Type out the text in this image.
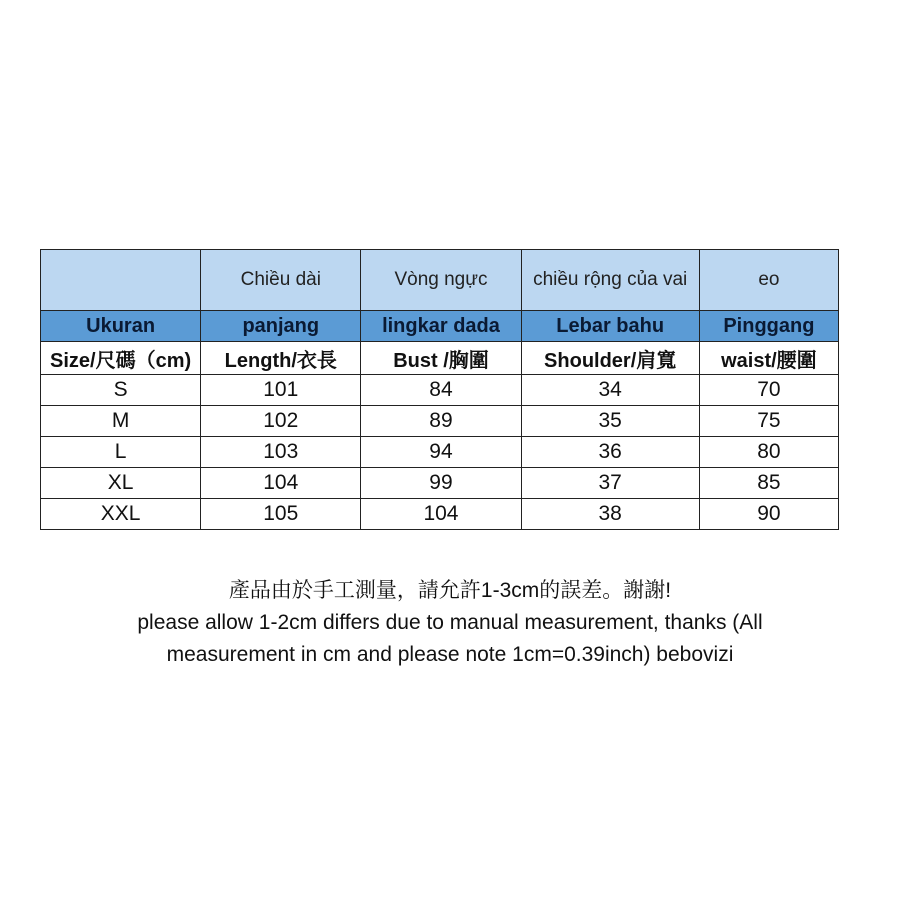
	Chiều dài	Vòng ngực	chiều rộng của vai	eo
Ukuran	panjang	lingkar dada	Lebar bahu	Pinggang
Size/尺碼（cm)	Length/衣長	Bust /胸圍	Shoulder/肩寬	waist/腰圍
S	101	84	34	70
M	102	89	35	75
L	103	94	36	80
XL	104	99	37	85
XXL	105	104	38	90
產品由於手工測量，請允許1-3cm的誤差。謝謝!
please allow 1-2cm differs due to manual measurement, thanks (All
measurement in cm and please note 1cm=0.39inch) bebovizi
